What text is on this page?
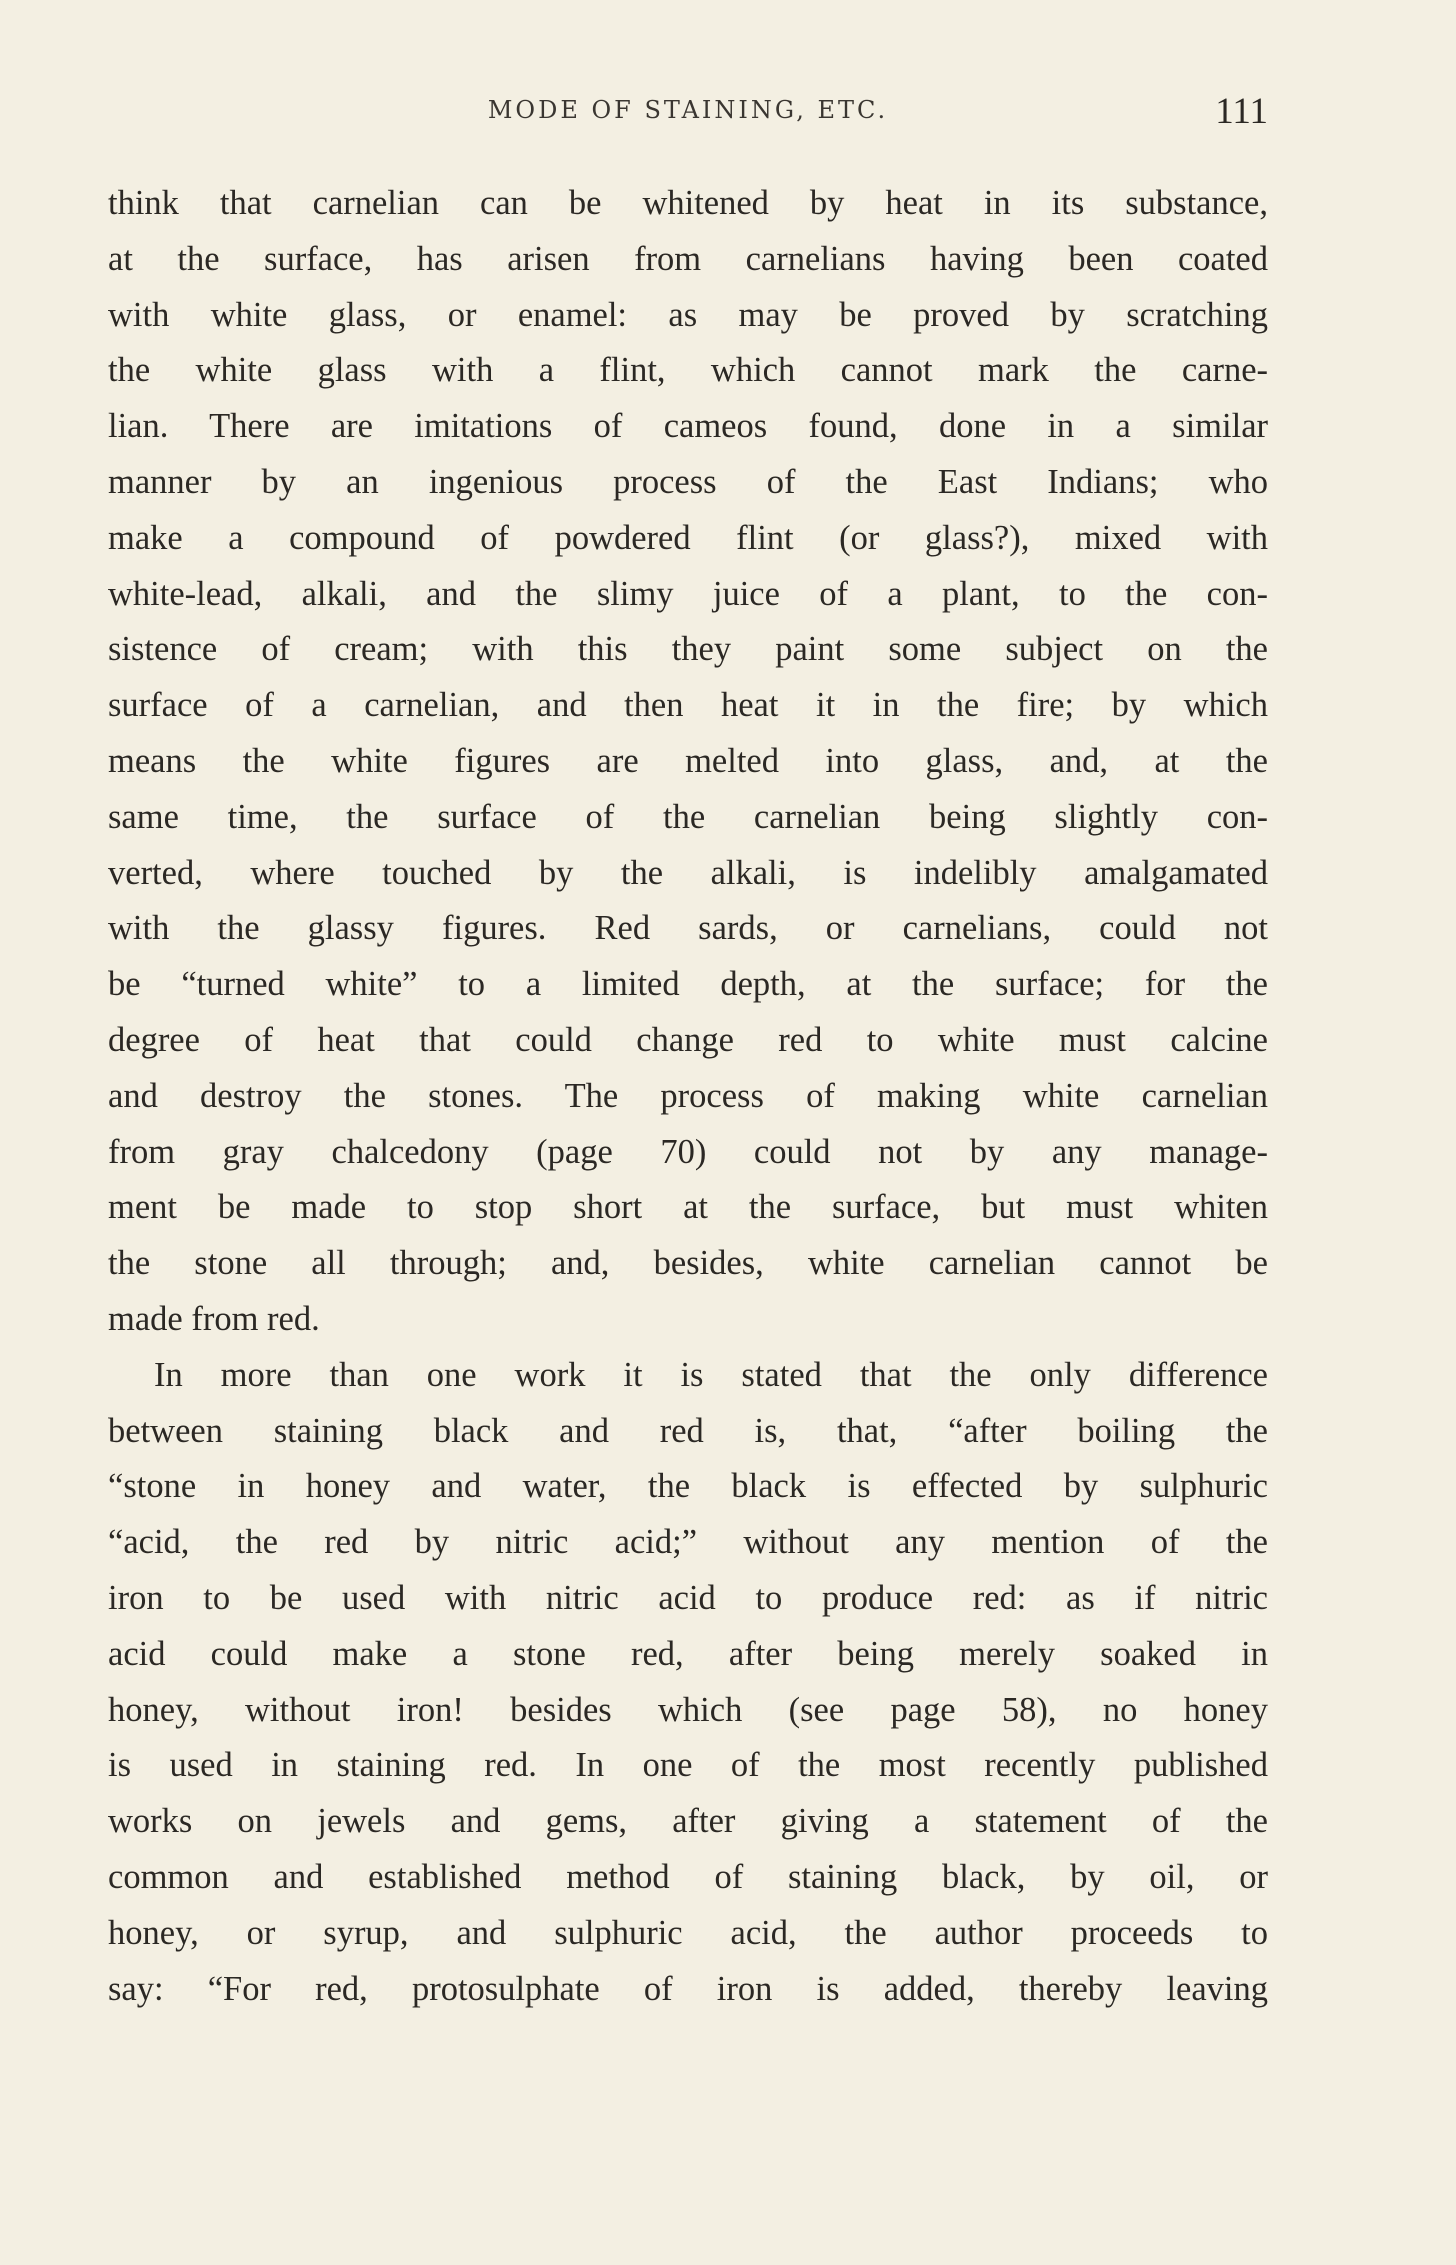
MODE OF STAINING, ETC.	111
think that carnelian can be whitened by heat in its substance,
at the surface, has arisen from carnelians having been coated
with white glass, or enamel: as may be proved by scratching
the white glass with a flint, which cannot mark the carne-
lian. There are imitations of cameos found, done in a similar
manner by an ingenious process of the East Indians; who
make a compound of powdered flint (or glass?), mixed with
white-lead, alkali, and the slimy juice of a plant, to the con-
sistence of cream; with this they paint some subject on the
surface of a carnelian, and then heat it in the fire; by which
means the white figures are melted into glass, and, at the
same time, the surface of the carnelian being slightly con-
verted, where touched by the alkali, is indelibly amalgamated
with the glassy figures. Red sards, or carnelians, could not
be “turned white” to a limited depth, at the surface; for the
degree of heat that could change red to white must calcine
and destroy the stones. The process of making white carnelian
from gray chalcedony (page 70) could not by any manage-
ment be made to stop short at the surface, but must whiten
the stone all through; and, besides, white carnelian cannot be
made from red.
In more than one work it is stated that the only difference
between staining black and red is, that, “after boiling the
“stone in honey and water, the black is effected by sulphuric
“acid, the red by nitric acid;” without any mention of the
iron to be used with nitric acid to produce red: as if nitric
acid could make a stone red, after being merely soaked in
honey, without iron! besides which (see page 58), no honey
is used in staining red. In one of the most recently published
works on jewels and gems, after giving a statement of the
common and established method of staining black, by oil, or
honey, or syrup, and sulphuric acid, the author proceeds to
say: “For red, protosulphate of iron is added, thereby leaving
